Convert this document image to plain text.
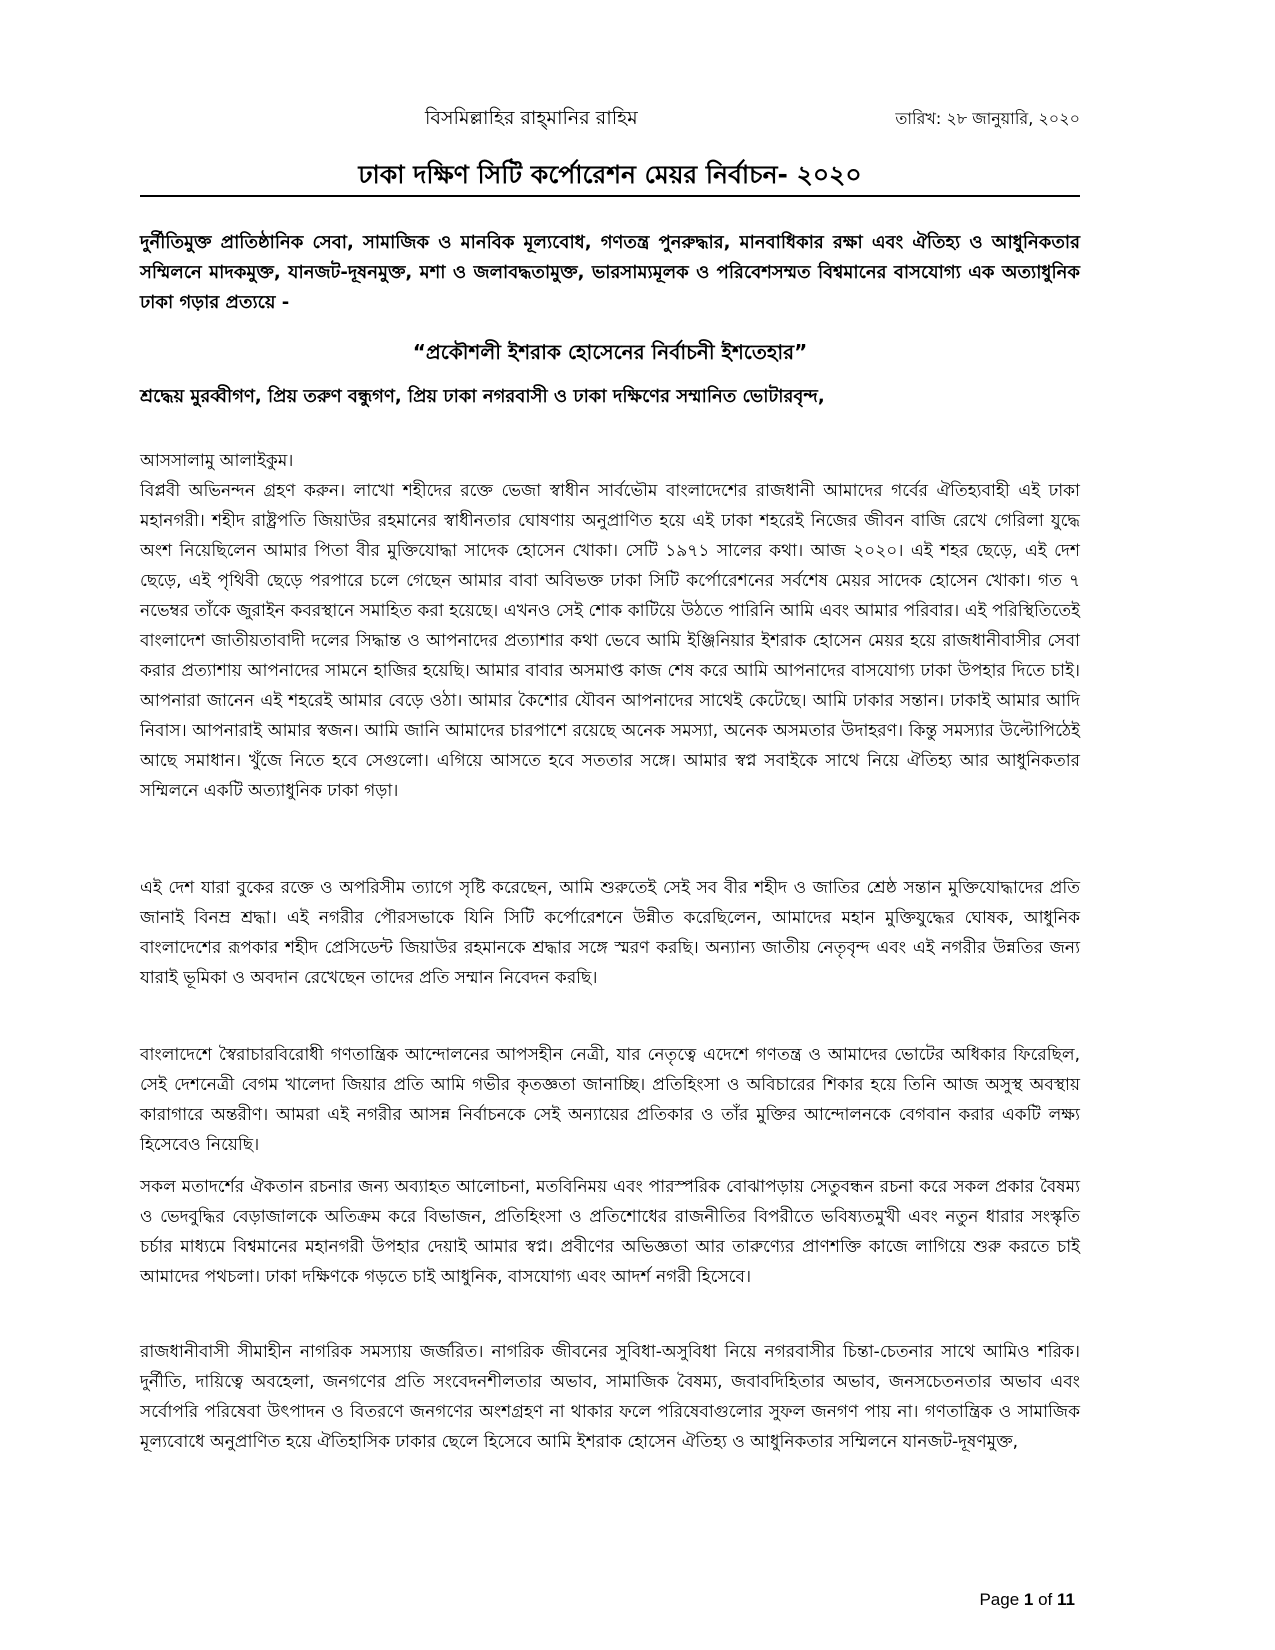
বিসমিল্লাহির রাহ্‌মানির রাহিম	তারিখ: ২৮ জানুয়ারি, ২০২০
ঢাকা দক্ষিণ সিটি কর্পোরেশন মেয়র নির্বাচন- ২০২০
দুর্নীতিমুক্ত প্রাতিষ্ঠানিক সেবা, সামাজিক ও মানবিক মূল্যবোধ, গণতন্ত্র পুনরুদ্ধার, মানবাধিকার রক্ষা এবং ঐতিহ্য ও আধুনিকতার সম্মিলনে মাদকমুক্ত, যানজট-দূষনমুক্ত, মশা ও জলাবদ্ধতামুক্ত, ভারসাম্যমূলক ও পরিবেশসম্মত বিশ্বমানের বাসযোগ্য এক অত্যাধুনিক ঢাকা গড়ার প্রত্যয়ে -
“প্রকৌশলী ইশরাক হোসেনের নির্বাচনী ইশতেহার”
শ্রদ্ধেয় মুরব্বীগণ, প্রিয় তরুণ বন্ধুগণ, প্রিয় ঢাকা নগরবাসী ও ঢাকা দক্ষিণের সম্মানিত ভোটারবৃন্দ,
আসসালামু আলাইকুম।
বিপ্লবী অভিনন্দন গ্রহণ করুন। লাখো শহীদের রক্তে ভেজা স্বাধীন সার্বভৌম বাংলাদেশের রাজধানী আমাদের গর্বের ঐতিহ্যবাহী এই ঢাকা মহানগরী। শহীদ রাষ্ট্রপতি জিয়াউর রহমানের স্বাধীনতার ঘোষণায় অনুপ্রাণিত হয়ে এই ঢাকা শহরেই নিজের জীবন বাজি রেখে গেরিলা যুদ্ধে অংশ নিয়েছিলেন আমার পিতা বীর মুক্তিযোদ্ধা সাদেক হোসেন খোকা। সেটি ১৯৭১ সালের কথা। আজ ২০২০। এই শহর ছেড়ে, এই দেশ ছেড়ে, এই পৃথিবী ছেড়ে পরপারে চলে গেছেন আমার বাবা অবিভক্ত ঢাকা সিটি কর্পোরেশনের সর্বশেষ মেয়র সাদেক হোসেন খোকা। গত ৭ নভেম্বর তাঁকে জুরাইন কবরস্থানে সমাহিত করা হয়েছে। এখনও সেই শোক কাটিয়ে উঠতে পারিনি আমি এবং আমার পরিবার। এই পরিস্থিতিতেই বাংলাদেশ জাতীয়তাবাদী দলের সিদ্ধান্ত ও আপনাদের প্রত্যাশার কথা ভেবে আমি ইঞ্জিনিয়ার ইশরাক হোসেন মেয়র হয়ে রাজধানীবাসীর সেবা করার প্রত্যাশায় আপনাদের সামনে হাজির হয়েছি। আমার বাবার অসমাপ্ত কাজ শেষ করে আমি আপনাদের বাসযোগ্য ঢাকা উপহার দিতে চাই। আপনারা জানেন এই শহরেই আমার বেড়ে ওঠা। আমার কৈশোর যৌবন আপনাদের সাথেই কেটেছে। আমি ঢাকার সন্তান। ঢাকাই আমার আদি নিবাস। আপনারাই আমার স্বজন। আমি জানি আমাদের চারপাশে রয়েছে অনেক সমস্যা, অনেক অসমতার উদাহরণ। কিন্তু সমস্যার উল্টোপিঠেই আছে সমাধান। খুঁজে নিতে হবে সেগুলো। এগিয়ে আসতে হবে সততার সঙ্গে। আমার স্বপ্ন সবাইকে সাথে নিয়ে ঐতিহ্য আর আধুনিকতার সম্মিলনে একটি অত্যাধুনিক ঢাকা গড়া।
এই দেশ যারা বুকের রক্তে ও অপরিসীম ত্যাগে সৃষ্টি করেছেন, আমি শুরুতেই সেই সব বীর শহীদ ও জাতির শ্রেষ্ঠ সন্তান মুক্তিযোদ্ধাদের প্রতি জানাই বিনম্র শ্রদ্ধা। এই নগরীর পৌরসভাকে যিনি সিটি কর্পোরেশনে উন্নীত করেছিলেন, আমাদের মহান মুক্তিযুদ্ধের ঘোষক, আধুনিক বাংলাদেশের রূপকার শহীদ প্রেসিডেন্ট জিয়াউর রহমানকে শ্রদ্ধার সঙ্গে স্মরণ করছি। অন্যান্য জাতীয় নেতৃবৃন্দ এবং এই নগরীর উন্নতির জন্য যারাই ভূমিকা ও অবদান রেখেছেন তাদের প্রতি সম্মান নিবেদন করছি।
বাংলাদেশে স্বৈরাচারবিরোধী গণতান্ত্রিক আন্দোলনের আপসহীন নেত্রী, যার নেতৃত্বে এদেশে গণতন্ত্র ও আমাদের ভোটের অধিকার ফিরেছিল, সেই দেশনেত্রী বেগম খালেদা জিয়ার প্রতি আমি গভীর কৃতজ্ঞতা জানাচ্ছি। প্রতিহিংসা ও অবিচারের শিকার হয়ে তিনি আজ অসুস্থ অবস্থায় কারাগারে অন্তরীণ। আমরা এই নগরীর আসন্ন নির্বাচনকে সেই অন্যায়ের প্রতিকার ও তাঁর মুক্তির আন্দোলনকে বেগবান করার একটি লক্ষ্য হিসেবেও নিয়েছি।
সকল মতাদর্শের ঐকতান রচনার জন্য অব্যাহত আলোচনা, মতবিনিময় এবং পারস্পরিক বোঝাপড়ায় সেতুবন্ধন রচনা করে সকল প্রকার বৈষম্য ও ভেদবুদ্ধির বেড়াজালকে অতিক্রম করে বিভাজন, প্রতিহিংসা ও প্রতিশোধের রাজনীতির বিপরীতে ভবিষ্যতমুখী এবং নতুন ধারার সংস্কৃতি চর্চার মাধ্যমে বিশ্বমানের মহানগরী উপহার দেয়াই আমার স্বপ্ন। প্রবীণের অভিজ্ঞতা আর তারুণ্যের প্রাণশক্তি কাজে লাগিয়ে শুরু করতে চাই আমাদের পথচলা। ঢাকা দক্ষিণকে গড়তে চাই আধুনিক, বাসযোগ্য এবং আদর্শ নগরী হিসেবে।
রাজধানীবাসী সীমাহীন নাগরিক সমস্যায় জর্জরিত। নাগরিক জীবনের সুবিধা-অসুবিধা নিয়ে নগরবাসীর চিন্তা-চেতনার সাথে আমিও শরিক। দুর্নীতি, দায়িত্বে অবহেলা, জনগণের প্রতি সংবেদনশীলতার অভাব, সামাজিক বৈষম্য, জবাবদিহিতার অভাব, জনসচেতনতার অভাব এবং সর্বোপরি পরিষেবা উৎপাদন ও বিতরণে জনগণের অংশগ্রহণ না থাকার ফলে পরিষেবাগুলোর সুফল জনগণ পায় না। গণতান্ত্রিক ও সামাজিক মূল্যবোধে অনুপ্রাণিত হয়ে ঐতিহাসিক ঢাকার ছেলে হিসেবে আমি ইশরাক হোসেন ঐতিহ্য ও আধুনিকতার সম্মিলনে যানজট-দূষণমুক্ত,
Page 1 of 11
